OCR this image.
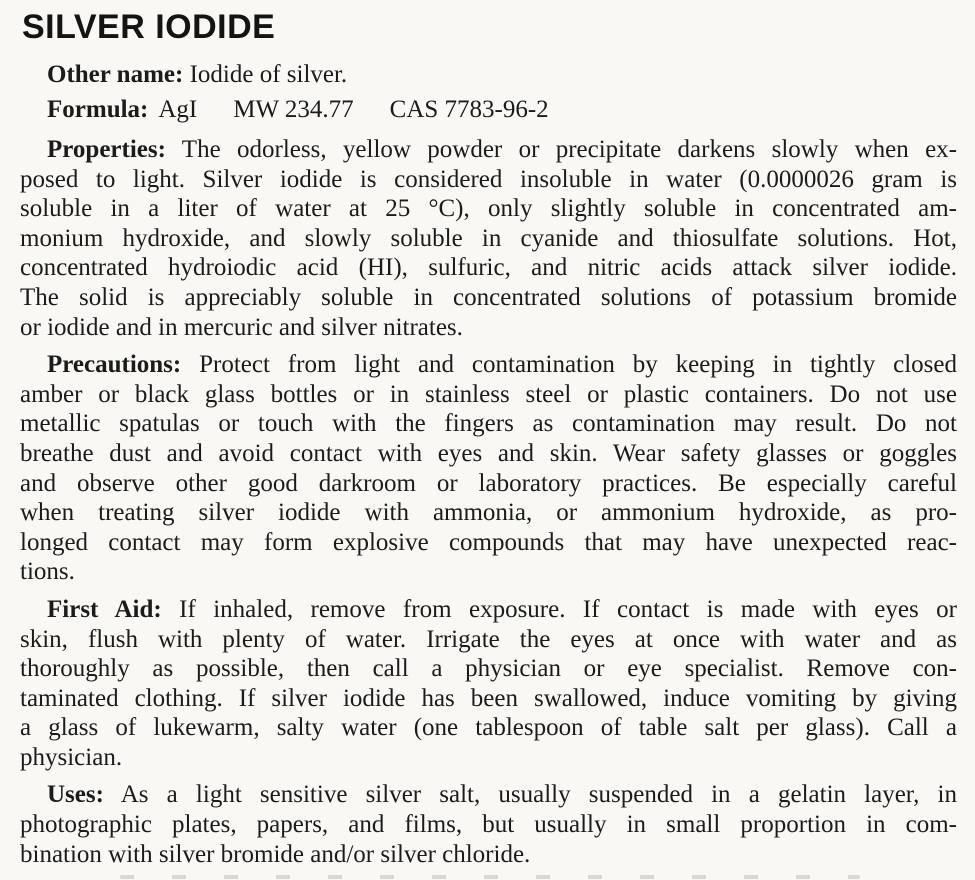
SILVER IODIDE
Other name: Iodide of silver.
Formula: AgI MW 234.77 CAS 7783-96-2
Properties: The odorless, yellow powder or precipitate darkens slowly when ex-
posed to light. Silver iodide is considered insoluble in water (0.0000026 gram is
soluble in a liter of water at 25 °C), only slightly soluble in concentrated am-
monium hydroxide, and slowly soluble in cyanide and thiosulfate solutions. Hot,
concentrated hydroiodic acid (HI), sulfuric, and nitric acids attack silver iodide.
The solid is appreciably soluble in concentrated solutions of potassium bromide
or iodide and in mercuric and silver nitrates.
Precautions: Protect from light and contamination by keeping in tightly closed
amber or black glass bottles or in stainless steel or plastic containers. Do not use
metallic spatulas or touch with the fingers as contamination may result. Do not
breathe dust and avoid contact with eyes and skin. Wear safety glasses or goggles
and observe other good darkroom or laboratory practices. Be especially careful
when treating silver iodide with ammonia, or ammonium hydroxide, as pro-
longed contact may form explosive compounds that may have unexpected reac-
tions.
First Aid: If inhaled, remove from exposure. If contact is made with eyes or
skin, flush with plenty of water. Irrigate the eyes at once with water and as
thoroughly as possible, then call a physician or eye specialist. Remove con-
taminated clothing. If silver iodide has been swallowed, induce vomiting by giving
a glass of lukewarm, salty water (one tablespoon of table salt per glass). Call a
physician.
Uses: As a light sensitive silver salt, usually suspended in a gelatin layer, in
photographic plates, papers, and films, but usually in small proportion in com-
bination with silver bromide and/or silver chloride.
